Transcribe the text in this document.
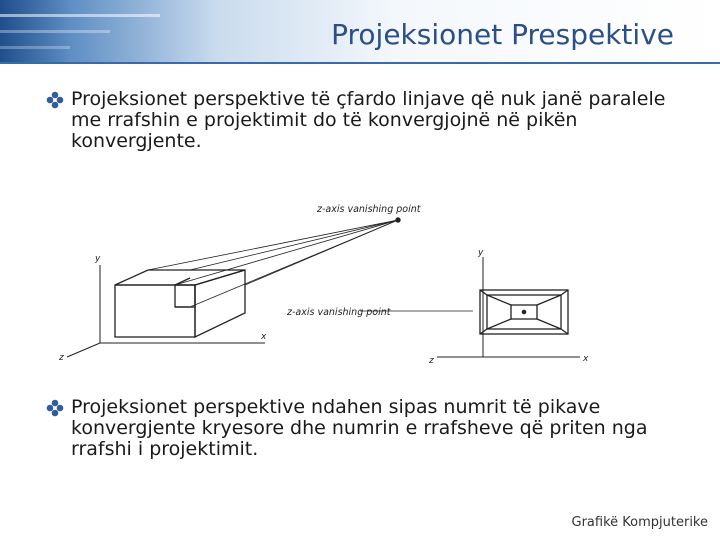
Projeksionet Prespektive
Projeksionet perspektive të çfardo linjave që nuk janë paralele me rrafshin e projektimit do të konvergjojnë në pikën konvergjente.
Projeksionet perspektive ndahen sipas numrit të pikave konvergjente kryesore dhe numrin e rrafsheve që priten nga rrafshi i projektimit.
z-axis vanishing point
z-axis vanishing point
y
x
z
y
x
z
Grafikë Kompjuterike
